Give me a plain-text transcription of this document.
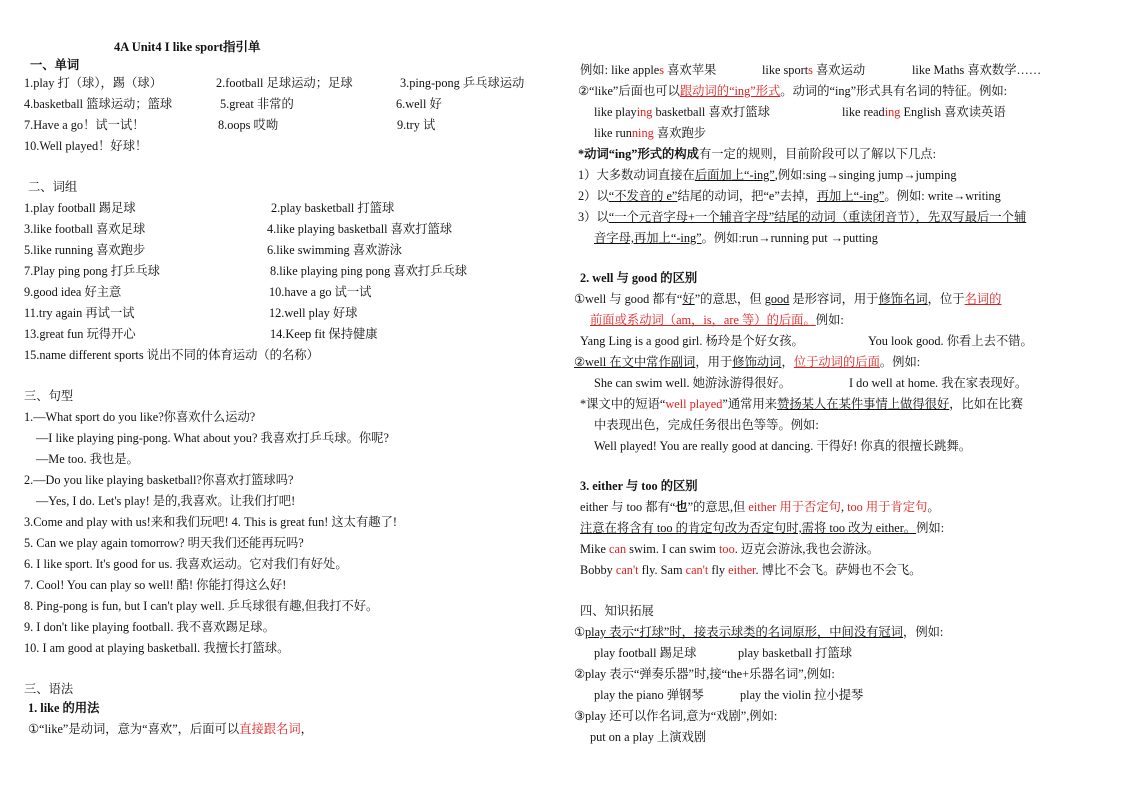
4A Unit4 I like sport指引单
一、单词
1.play 打（球），踢（球）	2.football 足球运动；足球	3.ping-pong 乒乓球运动
4.basketball 篮球运动；篮球	5.great 非常的	6.well 好
7.Have a go！试一试！	8.oops 哎呦	9.try 试
10.Well played！好球！
二、词组
1.play football 踢足球	2.play basketball 打篮球
3.like football 喜欢足球	4.like playing basketball 喜欢打篮球
5.like running 喜欢跑步	6.like swimming 喜欢游泳
7.Play ping pong 打乒乓球	8.like playing ping pong 喜欢打乒乓球
9.good idea 好主意	10.have a go 试一试
11.try again 再试一试	12.well play 好球
13.great fun 玩得开心	14.Keep fit 保持健康
15.name different sports 说出不同的体育运动（的名称）
三、句型
1.—What sport do you like?你喜欢什么运动?
—I like playing ping-pong. What about you? 我喜欢打乒乓球。你呢?
—Me too. 我也是。
2.—Do you like playing basketball?你喜欢打篮球吗?
—Yes, I do. Let's play! 是的,我喜欢。让我们打吧!
3.Come and play with us!来和我们玩吧! 4. This is great fun! 这太有趣了!
5. Can we play again tomorrow? 明天我们还能再玩吗?
6. I like sport. It's good for us. 我喜欢运动。它对我们有好处。
7. Cool! You can play so well! 酷! 你能打得这么好!
8. Ping-pong is fun, but I can't play well. 乒乓球很有趣,但我打不好。
9. I don't like playing football. 我不喜欢踢足球。
10. I am good at playing basketball. 我擅长打篮球。
三、语法
1. like 的用法
①“like”是动词，意为“喜欢”，后面可以直接跟名词，
例如: like apples 喜欢苹果	like sports 喜欢运动	like Maths 喜欢数学……
②“like”后面也可以跟动词的“ing”形式。动词的“ing”形式具有名词的特征。例如:
like playing basketball 喜欢打篮球	like reading English 喜欢读英语
like running 喜欢跑步
*动词“ing”形式的构成有一定的规则，目前阶段可以了解以下几点:
1）大多数动词直接在后面加上“-ing”,例如:sing→singing jump→jumping
2）以“不发音的 e”结尾的动词，把“e”去掉，再加上“-ing”。例如: write→writing
3）以“一个元音字母+一个辅音字母”结尾的动词（重读闭音节），先双写最后一个辅
音字母,再加上“-ing”。例如:run→running put →putting
2. well 与 good 的区别
①well 与 good 都有“好”的意思，但 good 是形容词，用于修饰名词，位于名词的
前面或系动词（am，is，are 等）的后面。例如:
Yang Ling is a good girl. 杨玲是个好女孩。	You look good. 你看上去不错。
②well 在文中常作副词，用于修饰动词，位于动词的后面。例如:
She can swim well. 她游泳游得很好。	I do well at home. 我在家表现好。
*课文中的短语“well played”通常用来赞扬某人在某件事情上做得很好，比如在比赛
中表现出色，完成任务很出色等等。例如:
Well played! You are really good at dancing. 干得好! 你真的很擅长跳舞。
3. either 与 too 的区别
either 与 too 都有“也”的意思,但 either 用于否定句, too 用于肯定句。
注意在将含有 too 的肯定句改为否定句时,需将 too 改为 either。例如:
Mike can swim. I can swim too. 迈克会游泳,我也会游泳。
Bobby can't fly. Sam can't fly either. 博比不会飞。萨姆也不会飞。
四、知识拓展
①play 表示“打球”时，接表示球类的名词原形，中间没有冠词，例如:
play football 踢足球	play basketball 打篮球
②play 表示“弹奏乐器”时,接“the+乐器名词”,例如:
play the piano 弹钢琴	play the violin 拉小提琴
③play 还可以作名词,意为“戏剧”,例如:
put on a play 上演戏剧
